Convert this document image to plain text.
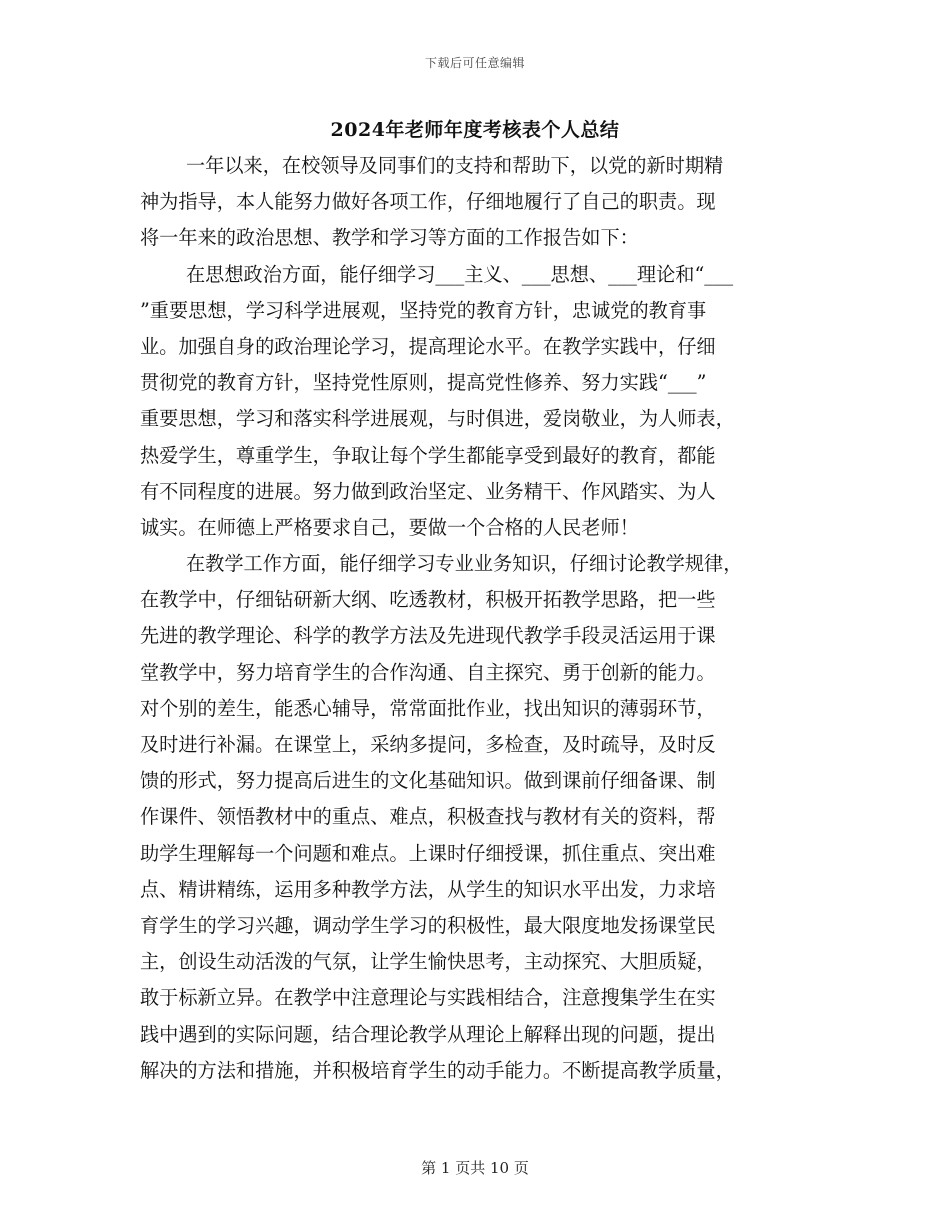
下载后可任意编辑
2024年老师年度考核表个人总结
一年以来，在校领导及同事们的支持和帮助下，以党的新时期精
神为指导，本人能努力做好各项工作，仔细地履行了自己的职责。现
将一年来的政治思想、教学和学习等方面的工作报告如下：
在思想政治方面，能仔细学习___主义、___思想、___理论和“___
”重要思想，学习科学进展观，坚持党的教育方针，忠诚党的教育事
业。加强自身的政治理论学习，提高理论水平。在教学实践中，仔细
贯彻党的教育方针，坚持党性原则，提高党性修养、努力实践“___”
重要思想，学习和落实科学进展观，与时俱进，爱岗敬业，为人师表，
热爱学生，尊重学生，争取让每个学生都能享受到最好的教育，都能
有不同程度的进展。努力做到政治坚定、业务精干、作风踏实、为人
诚实。在师德上严格要求自己，要做一个合格的人民老师！
在教学工作方面，能仔细学习专业业务知识，仔细讨论教学规律，
在教学中，仔细钻研新大纲、吃透教材，积极开拓教学思路，把一些
先进的教学理论、科学的教学方法及先进现代教学手段灵活运用于课
堂教学中，努力培育学生的合作沟通、自主探究、勇于创新的能力。
对个别的差生，能悉心辅导，常常面批作业，找出知识的薄弱环节，
及时进行补漏。在课堂上，采纳多提问，多检查，及时疏导，及时反
馈的形式，努力提高后进生的文化基础知识。做到课前仔细备课、制
作课件、领悟教材中的重点、难点，积极查找与教材有关的资料，帮
助学生理解每一个问题和难点。上课时仔细授课，抓住重点、突出难
点、精讲精练，运用多种教学方法，从学生的知识水平出发，力求培
育学生的学习兴趣，调动学生学习的积极性，最大限度地发扬课堂民
主，创设生动活泼的气氛，让学生愉快思考，主动探究、大胆质疑，
敢于标新立异。在教学中注意理论与实践相结合，注意搜集学生在实
践中遇到的实际问题，结合理论教学从理论上解释出现的问题，提出
解决的方法和措施，并积极培育学生的动手能力。不断提高教学质量，
第 1 页共 10 页
